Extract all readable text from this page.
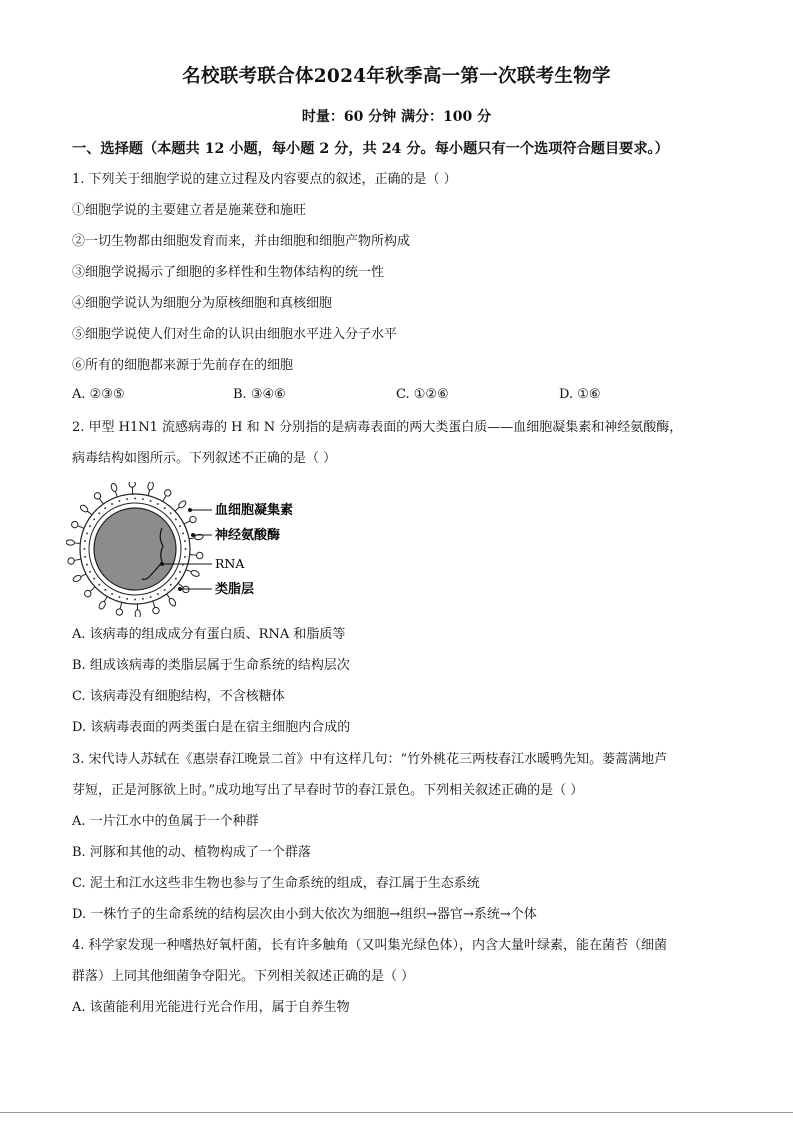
名校联考联合体2024年秋季高一第一次联考生物学
时量：60 分钟 满分：100 分
一、选择题（本题共 12 小题，每小题 2 分，共 24 分。每小题只有一个选项符合题目要求。）
1. 下列关于细胞学说的建立过程及内容要点的叙述，正确的是（ ）
①细胞学说的主要建立者是施莱登和施旺
②一切生物都由细胞发育而来，并由细胞和细胞产物所构成
③细胞学说揭示了细胞的多样性和生物体结构的统一性
④细胞学说认为细胞分为原核细胞和真核细胞
⑤细胞学说使人们对生命的认识由细胞水平进入分子水平
⑥所有的细胞都来源于先前存在的细胞
A. ②③⑤	B. ③④⑥	C. ①②⑥	D. ①⑥
2. 甲型 H1N1 流感病毒的 H 和 N 分别指的是病毒表面的两大类蛋白质——血细胞凝集素和神经氨酸酶，
病毒结构如图所示。下列叙述不正确的是（ ）
血细胞凝集素
神经氨酸酶
RNA
类脂层
A. 该病毒的组成成分有蛋白质、RNA 和脂质等
B. 组成该病毒的类脂层属于生命系统的结构层次
C. 该病毒没有细胞结构，不含核糖体
D. 该病毒表面的两类蛋白是在宿主细胞内合成的
3. 宋代诗人苏轼在《惠崇春江晚景二首》中有这样几句：“竹外桃花三两枝春江水暖鸭先知。蒌蒿满地芦
芽短，正是河豚欲上时。”成功地写出了早春时节的春江景色。下列相关叙述正确的是（ ）
A. 一片江水中的鱼属于一个种群
B. 河豚和其他的动、植物构成了一个群落
C. 泥土和江水这些非生物也参与了生命系统的组成，春江属于生态系统
D. 一株竹子的生命系统的结构层次由小到大依次为细胞→组织→器官→系统→个体
4. 科学家发现一种嗜热好氧杆菌，长有许多触角（又叫集光绿色体），内含大量叶绿素，能在菌苔（细菌
群落）上同其他细菌争夺阳光。下列相关叙述正确的是（ ）
A. 该菌能利用光能进行光合作用，属于自养生物
